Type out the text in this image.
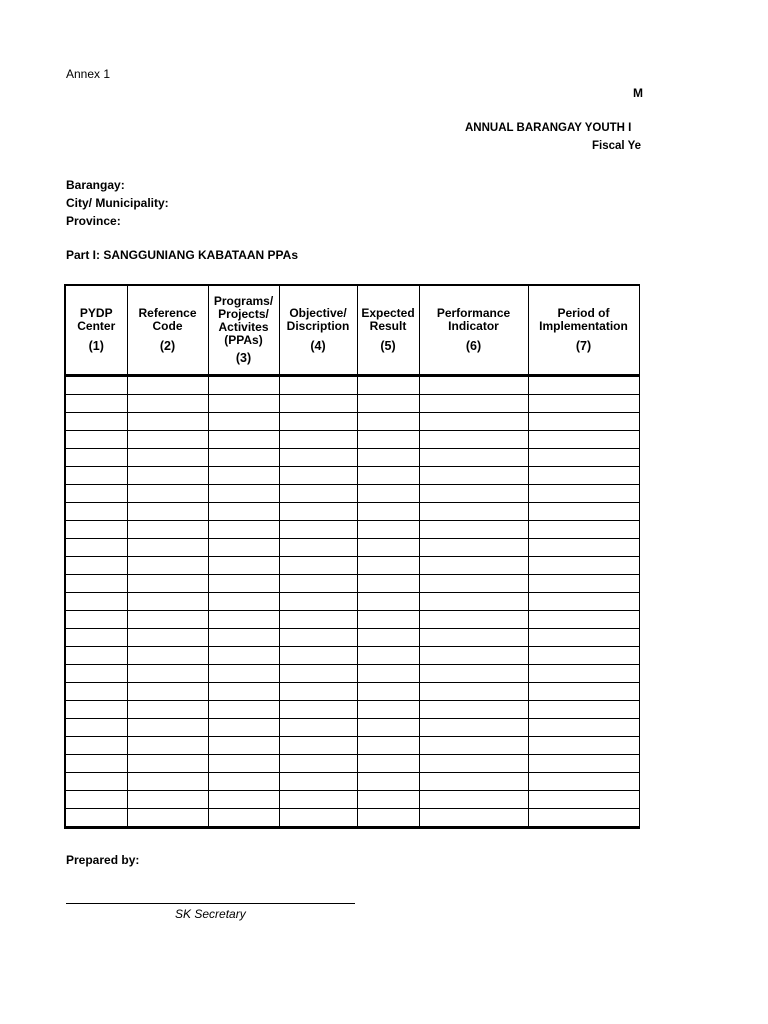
Annex 1
M
ANNUAL BARANGAY YOUTH I
Fiscal Ye
Barangay:
City/ Municipality:
Province:
Part I: SANGGUNIANG KABATAAN PPAs
PYDP
Center
(1)	Reference
Code
(2)	Programs/
Projects/
Activites
(PPAs)
(3)	Objective/
Discription
(4)	Expected
Result
(5)	Performance
Indicator
(6)	Period of
Implementation
(7)	

Prepared by:
SK Secretary
